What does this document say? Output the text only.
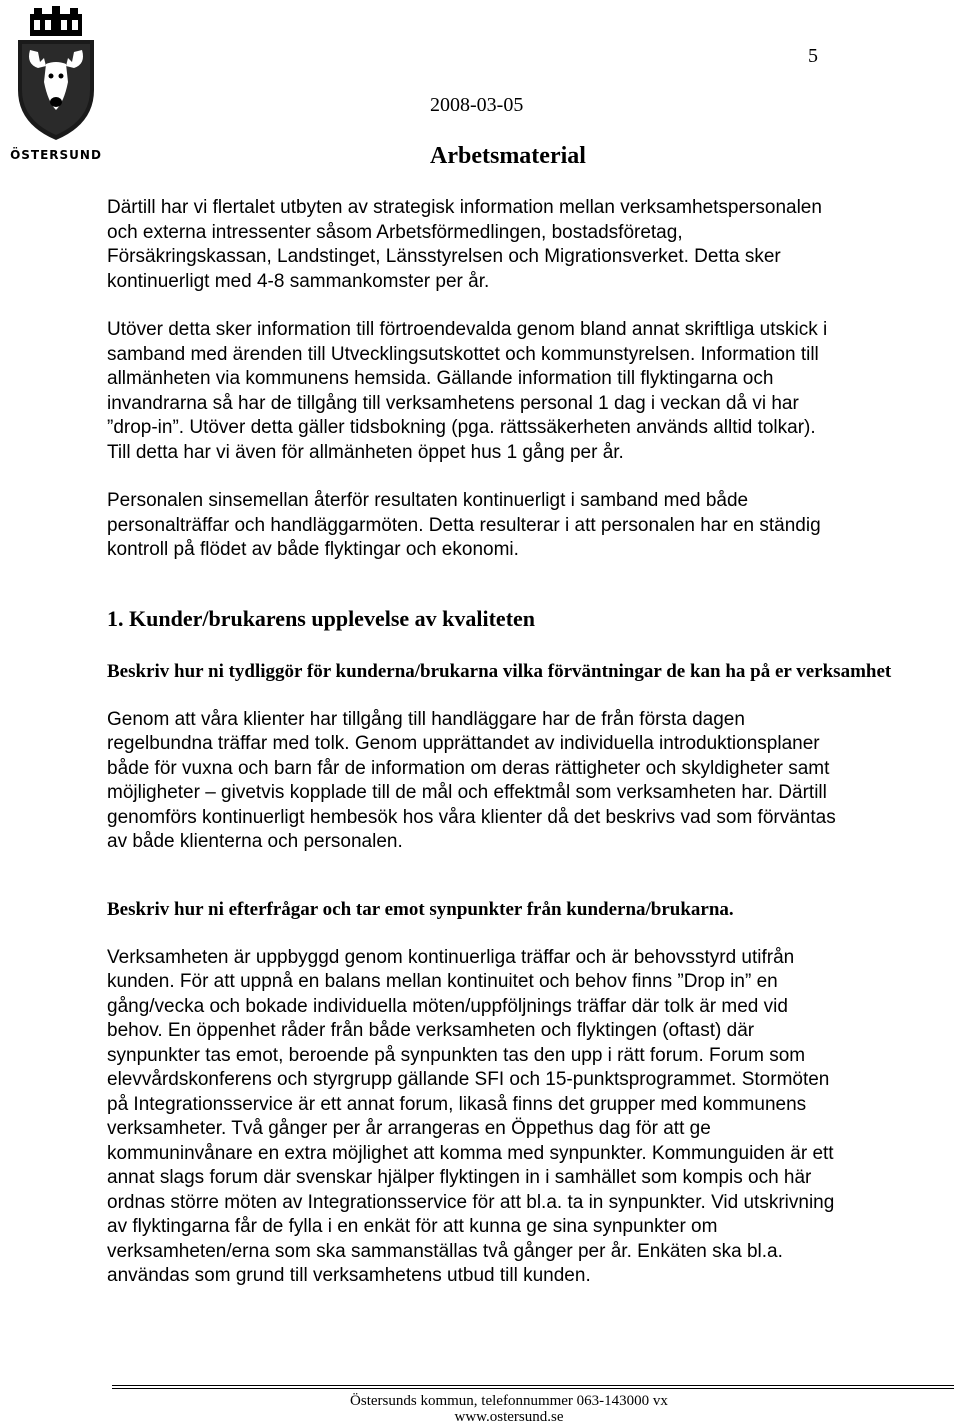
ÖSTERSUND
5
2008-03-05
Arbetsmaterial

Därtill har vi flertalet utbyten av strategisk information mellan verksamhetspersonalen
och externa intressenter såsom Arbetsförmedlingen, bostadsföretag,
Försäkringskassan, Landstinget, Länsstyrelsen och Migrationsverket. Detta sker
kontinuerligt med 4-8 sammankomster per år.

Utöver detta sker information till förtroendevalda genom bland annat skriftliga utskick i
samband med ärenden till Utvecklingsutskottet och kommunstyrelsen. Information till
allmänheten via kommunens hemsida. Gällande information till flyktingarna och
invandrarna så har de tillgång till verksamhetens personal 1 dag i veckan då vi har
”drop-in”. Utöver detta gäller tidsbokning (pga. rättssäkerheten används alltid tolkar).
Till detta har vi även för allmänheten öppet hus 1 gång per år.

Personalen sinsemellan återför resultaten kontinuerligt i samband med både
personalträffar och handläggarmöten. Detta resulterar i att personalen har en ständig
kontroll på flödet av både flyktingar och ekonomi.

1. Kunder/brukarens upplevelse av kvaliteten

Beskriv hur ni tydliggör för kunderna/brukarna vilka förväntningar de kan ha på er verksamhet

Genom att våra klienter har tillgång till handläggare har de från första dagen
regelbundna träffar med tolk. Genom upprättandet av individuella introduktionsplaner
både för vuxna och barn får de information om deras rättigheter och skyldigheter samt
möjligheter – givetvis kopplade till de mål och effektmål som verksamheten har. Därtill
genomförs kontinuerligt hembesök hos våra klienter då det beskrivs vad som förväntas
av både klienterna och personalen.

Beskriv hur ni efterfrågar och tar emot synpunkter från kunderna/brukarna.

Verksamheten är uppbyggd genom kontinuerliga träffar och är behovsstyrd utifrån
kunden. För att uppnå en balans mellan kontinuitet och behov finns ”Drop in” en
gång/vecka och bokade individuella möten/uppföljnings träffar där tolk är med vid
behov. En öppenhet råder från både verksamheten och flyktingen (oftast) där
synpunkter tas emot, beroende på synpunkten tas den upp i rätt forum. Forum som
elevvårdskonferens och styrgrupp gällande SFI och 15-punktsprogrammet. Stormöten
på Integrationsservice är ett annat forum, likaså finns det grupper med kommunens
verksamheter. Två gånger per år arrangeras en Öppethus dag för att ge
kommuninvånare en extra möjlighet att komma med synpunkter. Kommunguiden är ett
annat slags forum där svenskar hjälper flyktingen in i samhället som kompis och här
ordnas större möten av Integrationsservice för att bl.a. ta in synpunkter. Vid utskrivning
av flyktingarna får de fylla i en enkät för att kunna ge sina synpunkter om
verksamheten/erna som ska sammanställas två gånger per år. Enkäten ska bl.a.
användas som grund till verksamhetens utbud till kunden.

Östersunds kommun, telefonnummer 063-143000 vx
www.ostersund.se
